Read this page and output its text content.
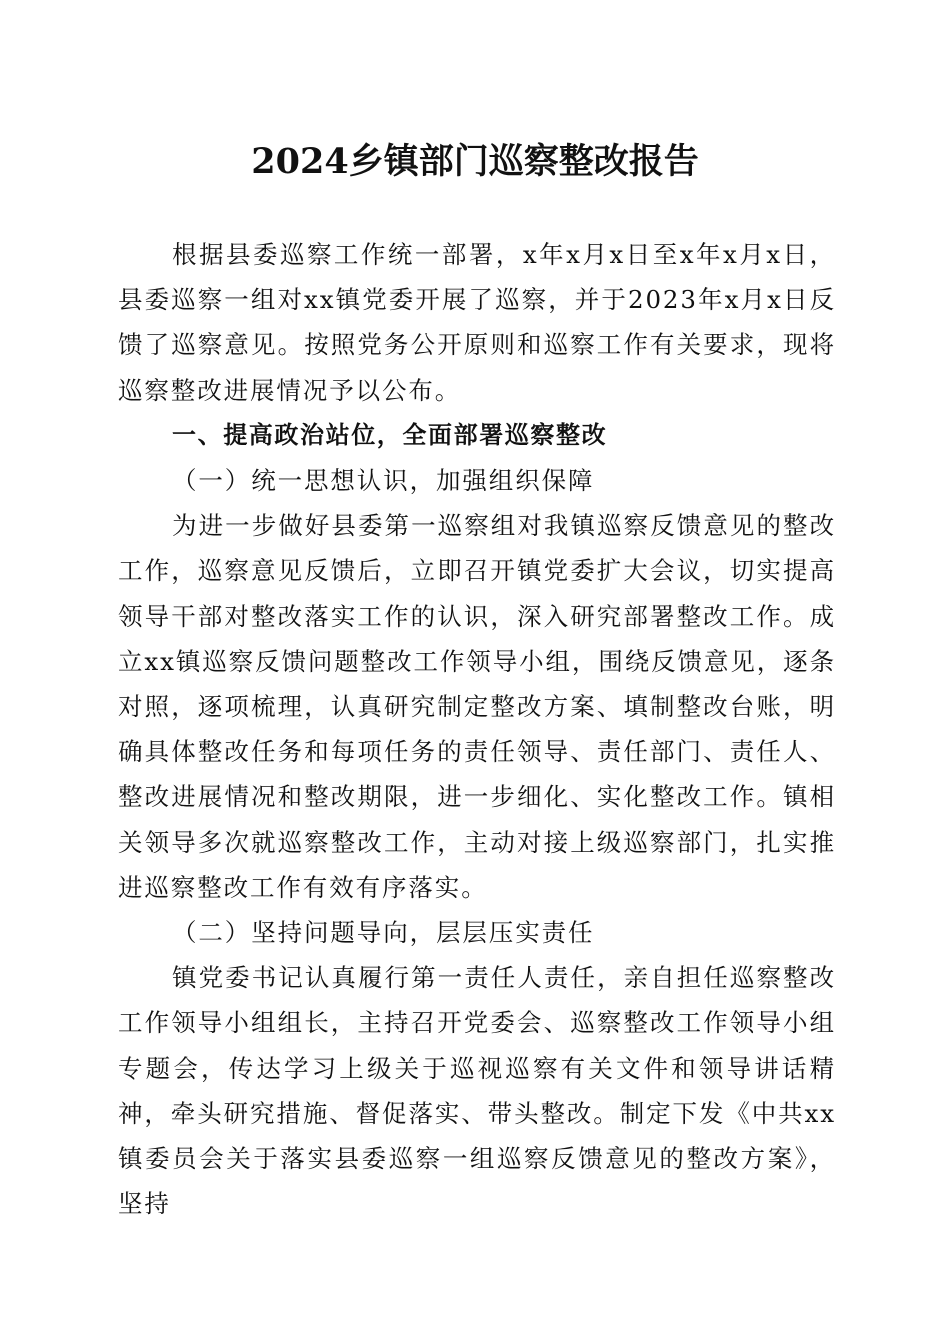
2024乡镇部门巡察整改报告

根据县委巡察工作统一部署，x年x月x日至x年x月x日，县委巡察一组对xx镇党委开展了巡察，并于2023年x月x日反馈了巡察意见。按照党务公开原则和巡察工作有关要求，现将巡察整改进展情况予以公布。

一、提高政治站位，全面部署巡察整改

（一）统一思想认识，加强组织保障

为进一步做好县委第一巡察组对我镇巡察反馈意见的整改工作，巡察意见反馈后，立即召开镇党委扩大会议，切实提高领导干部对整改落实工作的认识，深入研究部署整改工作。成立xx镇巡察反馈问题整改工作领导小组，围绕反馈意见，逐条对照，逐项梳理，认真研究制定整改方案、填制整改台账，明确具体整改任务和每项任务的责任领导、责任部门、责任人、整改进展情况和整改期限，进一步细化、实化整改工作。镇相关领导多次就巡察整改工作，主动对接上级巡察部门，扎实推进巡察整改工作有效有序落实。

（二）坚持问题导向，层层压实责任

镇党委书记认真履行第一责任人责任，亲自担任巡察整改工作领导小组组长，主持召开党委会、巡察整改工作领导小组专题会，传达学习上级关于巡视巡察有关文件和领导讲话精神，牵头研究措施、督促落实、带头整改。制定下发《中共xx镇委员会关于落实县委巡察一组巡察反馈意见的整改方案》，坚持
